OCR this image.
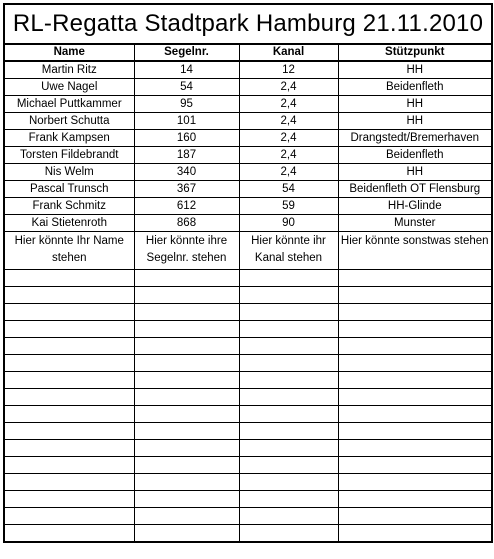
RL-Regatta Stadtpark Hamburg 21.11.2010			
Name	Segelnr.	Kanal	Stützpunkt
Martin Ritz	14	12	HH
Uwe Nagel	54	2,4	Beidenfleth
Michael Puttkammer	95	2,4	HH
Norbert Schutta	101	2,4	HH
Frank Kampsen	160	2,4	Drangstedt/Bremerhaven
Torsten Fildebrandt	187	2,4	Beidenfleth
Nis Welm	340	2,4	HH
Pascal Trunsch	367	54	Beidenfleth OT Flensburg
Frank Schmitz	612	59	HH-Glinde
Kai Stietenroth	868	90	Munster
Hier könnte Ihr Name stehen	Hier könnte ihre Segelnr. stehen	Hier könnte ihr Kanal stehen	Hier könnte sonstwas stehen
